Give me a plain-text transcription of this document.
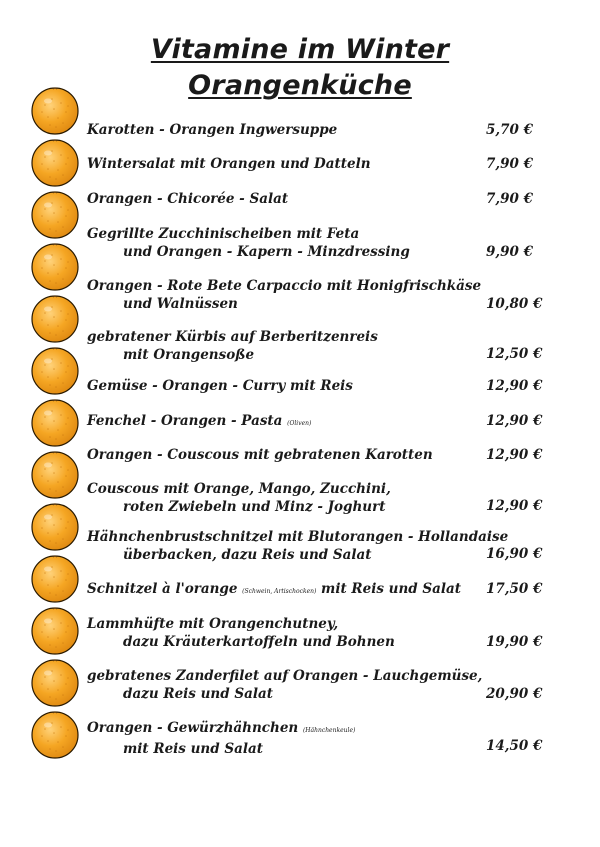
Vitamine im Winter
Orangenküche
Karotten - Orangen Ingwersuppe	5,70 €
Wintersalat mit Orangen und Datteln	7,90 €
Orangen - Chicorée - Salat	7,90 €
Gegrillte Zucchinischeiben mit Feta
und Orangen - Kapern - Minzdressing	9,90 €
Orangen - Rote Bete Carpaccio mit Honigfrischkäse
und Walnüssen	10,80 €
gebratener Kürbis auf Berberitzenreis
mit Orangensoße	12,50 €
Gemüse - Orangen - Curry mit Reis	12,90 €
Fenchel - Orangen - Pasta (Oliven)	12,90 €
Orangen - Couscous mit gebratenen Karotten	12,90 €
Couscous mit Orange, Mango, Zucchini,
roten Zwiebeln und Minz - Joghurt	12,90 €
Hähnchenbrustschnitzel mit Blutorangen - Hollandaise
überbacken, dazu Reis und Salat	16,90 €
Schnitzel à l'orange (Schwein, Artischocken) mit Reis und Salat	17,50 €
Lammhüfte mit Orangenchutney,
dazu Kräuterkartoffeln und Bohnen	19,90 €
gebratenes Zanderfilet auf Orangen - Lauchgemüse,
dazu Reis und Salat	20,90 €
Orangen - Gewürzhähnchen (Hähnchenkeule)
mit Reis und Salat	14,50 €
